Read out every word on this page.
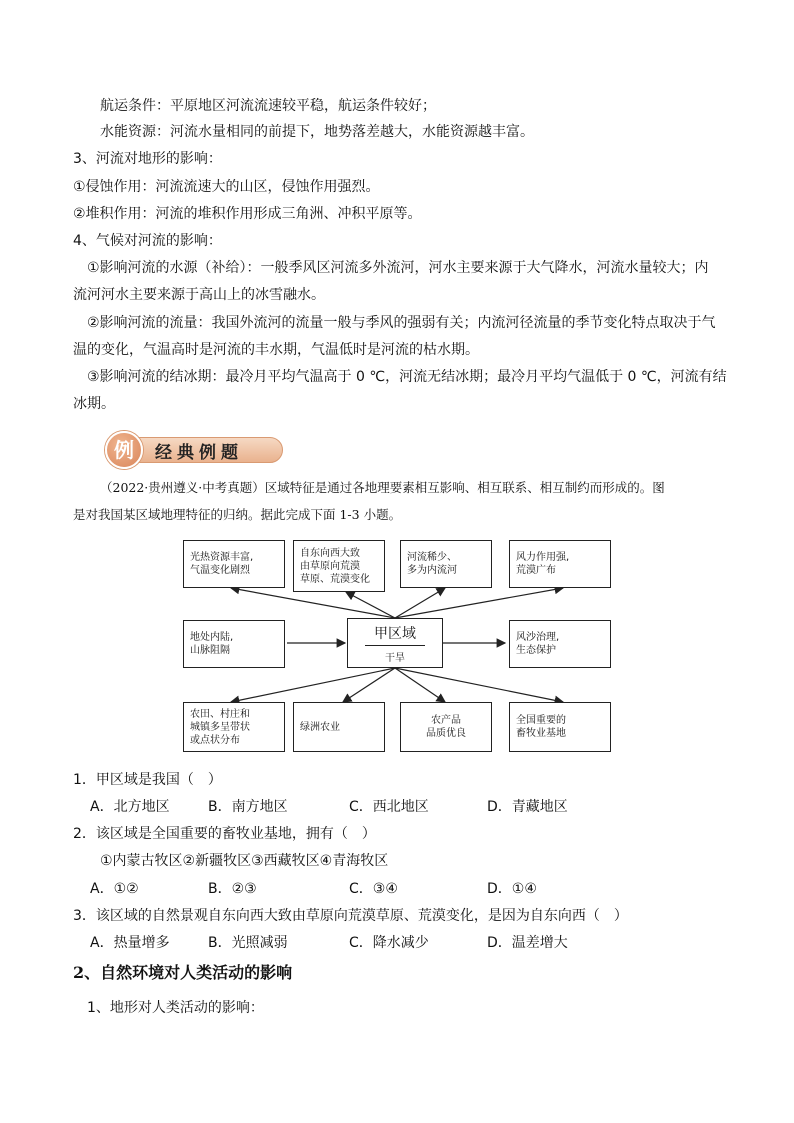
航运条件：平原地区河流流速较平稳，航运条件较好；
水能资源：河流水量相同的前提下，地势落差越大，水能资源越丰富。
3、河流对地形的影响：
①侵蚀作用：河流流速大的山区，侵蚀作用强烈。
②堆积作用：河流的堆积作用形成三角洲、冲积平原等。
4、气候对河流的影响：
①影响河流的水源（补给）：一般季风区河流多外流河，河水主要来源于大气降水，河流水量较大；内
流河河水主要来源于高山上的冰雪融水。
②影响河流的流量：我国外流河的流量一般与季风的强弱有关；内流河径流量的季节变化特点取决于气
温的变化，气温高时是河流的丰水期，气温低时是河流的枯水期。
③影响河流的结冰期：最冷月平均气温高于 0 ℃，河流无结冰期；最冷月平均气温低于 0 ℃，河流有结
冰期。
例	经典例题
（2022·贵州遵义·中考真题）区域特征是通过各地理要素相互影响、相互联系、相互制约而形成的。图
是对我国某区域地理特征的归纳。据此完成下面 1-3 小题。
光热资源丰富,
气温变化剧烈
自东向西大致
由草原向荒漠
草原、荒漠变化
河流稀少、
多为内流河
风力作用强,
荒漠广布
地处内陆,
山脉阻隔
甲区域
干旱
风沙治理,
生态保护
农田、村庄和
城镇多呈带状
或点状分布
绿洲农业
农产品
品质优良
全国重要的
畜牧业基地
1．甲区域是我国（　）
A．北方地区	B．南方地区	C．西北地区	D．青藏地区
2．该区域是全国重要的畜牧业基地，拥有（　）
①内蒙古牧区②新疆牧区③西藏牧区④青海牧区
A．①②	B．②③	C．③④	D．①④
3．该区域的自然景观自东向西大致由草原向荒漠草原、荒漠变化，是因为自东向西（　）
A．热量增多	B．光照减弱	C．降水减少	D．温差增大
2、自然环境对人类活动的影响
1、地形对人类活动的影响：
